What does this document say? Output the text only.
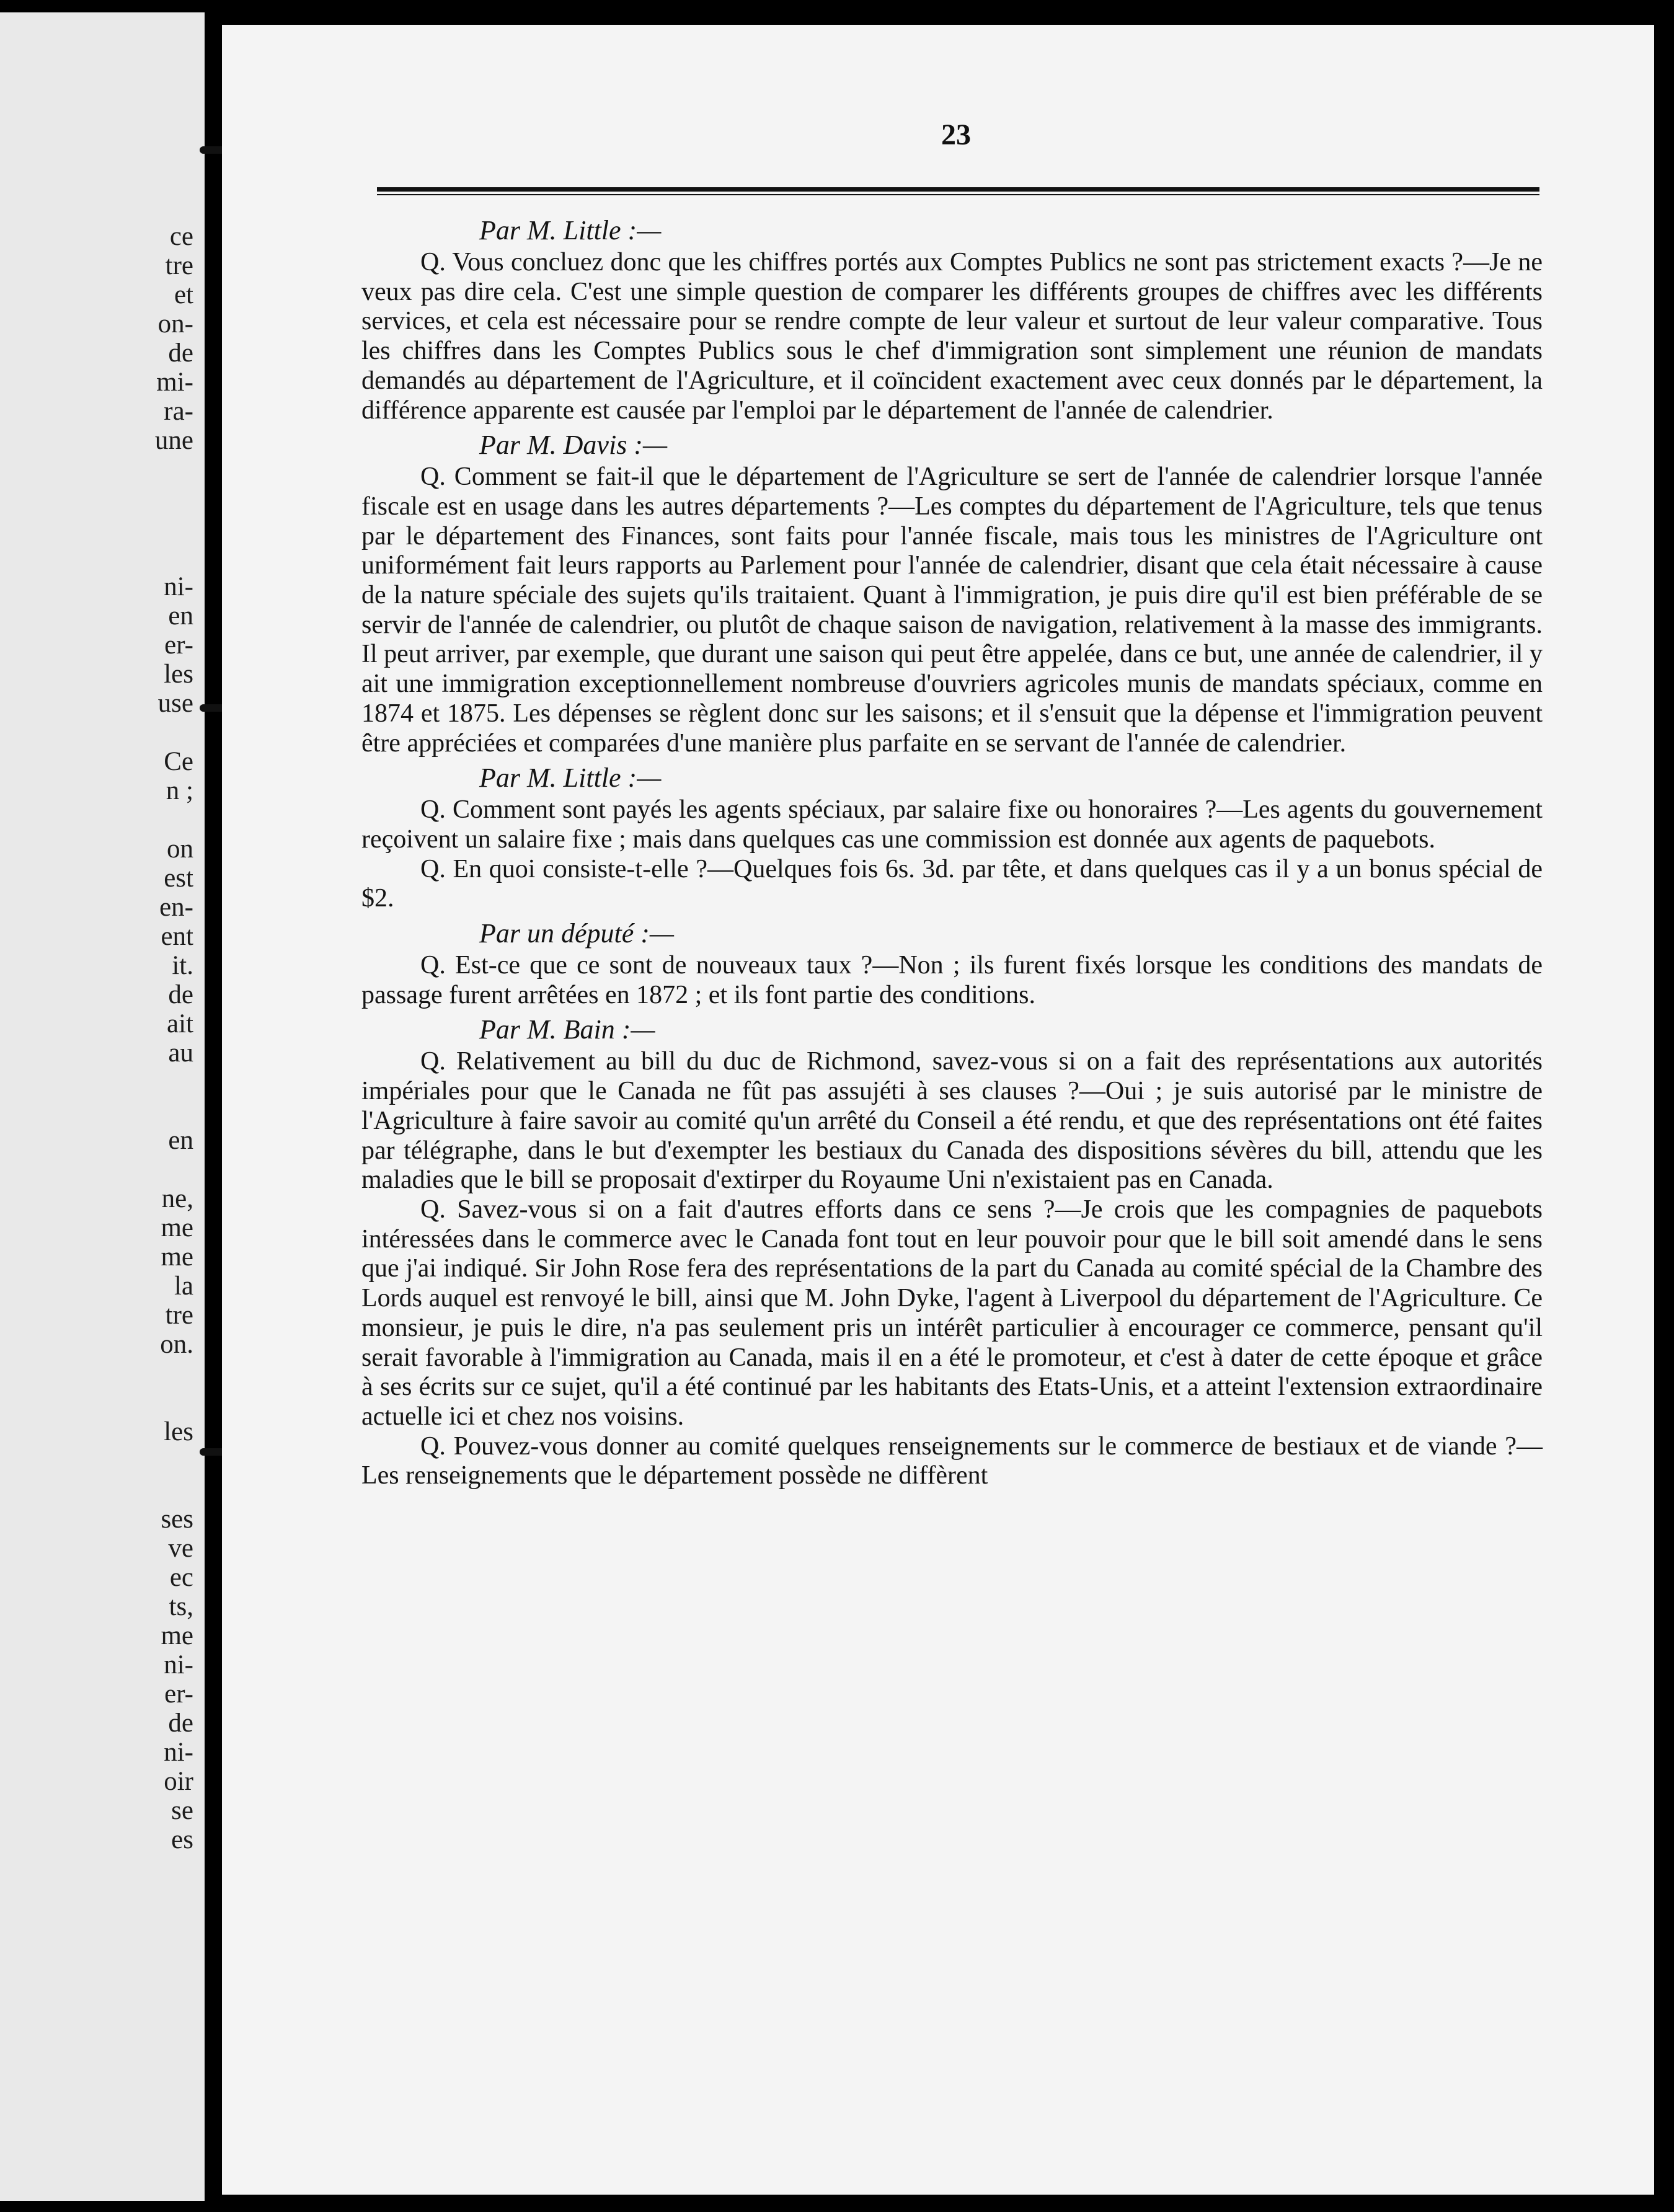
ce
tre
et
on-
de
mi-
ra-
une
ni-
en
er-
les
use
Ce
n ;
on
est
en-
ent
it.
de
ait
au
en
ne,
me
me
la
tre
on.
les
ses
ve
ec
ts,
me
ni-
er-
de
ni-
oir
se
es
23
Par M. Little :—

Q. Vous concluez donc que les chiffres portés aux Comptes Publics ne sont pas strictement exacts ?—Je ne veux pas dire cela. C'est une simple question de comparer les différents groupes de chiffres avec les différents services, et cela est nécessaire pour se rendre compte de leur valeur et surtout de leur valeur comparative. Tous les chiffres dans les Comptes Publics sous le chef d'immigration sont simplement une réunion de mandats demandés au département de l'Agriculture, et il coïncident exactement avec ceux donnés par le département, la différence apparente est causée par l'emploi par le département de l'année de calendrier.

Par M. Davis :—

Q. Comment se fait-il que le département de l'Agriculture se sert de l'année de calendrier lorsque l'année fiscale est en usage dans les autres départements ?—Les comptes du département de l'Agriculture, tels que tenus par le département des Finances, sont faits pour l'année fiscale, mais tous les ministres de l'Agriculture ont uniformément fait leurs rapports au Parlement pour l'année de calendrier, disant que cela était nécessaire à cause de la nature spéciale des sujets qu'ils traitaient. Quant à l'immigration, je puis dire qu'il est bien préférable de se servir de l'année de calendrier, ou plutôt de chaque saison de navigation, relativement à la masse des immigrants. Il peut arriver, par exemple, que durant une saison qui peut être appelée, dans ce but, une année de calendrier, il y ait une immigration exceptionnellement nombreuse d'ouvriers agricoles munis de mandats spéciaux, comme en 1874 et 1875. Les dépenses se règlent donc sur les saisons; et il s'ensuit que la dépense et l'immigration peuvent être appréciées et comparées d'une manière plus parfaite en se servant de l'année de calendrier.

Par M. Little :—

Q. Comment sont payés les agents spéciaux, par salaire fixe ou honoraires ?—Les agents du gouvernement reçoivent un salaire fixe ; mais dans quelques cas une commission est donnée aux agents de paquebots.

Q. En quoi consiste-t-elle ?—Quelques fois 6s. 3d. par tête, et dans quelques cas il y a un bonus spécial de $2.

Par un député :—

Q. Est-ce que ce sont de nouveaux taux ?—Non ; ils furent fixés lorsque les conditions des mandats de passage furent arrêtées en 1872 ; et ils font partie des conditions.

Par M. Bain :—

Q. Relativement au bill du duc de Richmond, savez-vous si on a fait des représentations aux autorités impériales pour que le Canada ne fût pas assujéti à ses clauses ?—Oui ; je suis autorisé par le ministre de l'Agriculture à faire savoir au comité qu'un arrêté du Conseil a été rendu, et que des représentations ont été faites par télégraphe, dans le but d'exempter les bestiaux du Canada des dispositions sévères du bill, attendu que les maladies que le bill se proposait d'extirper du Royaume Uni n'existaient pas en Canada.

Q. Savez-vous si on a fait d'autres efforts dans ce sens ?—Je crois que les compagnies de paquebots intéressées dans le commerce avec le Canada font tout en leur pouvoir pour que le bill soit amendé dans le sens que j'ai indiqué. Sir John Rose fera des représentations de la part du Canada au comité spécial de la Chambre des Lords auquel est renvoyé le bill, ainsi que M. John Dyke, l'agent à Liverpool du département de l'Agriculture. Ce monsieur, je puis le dire, n'a pas seulement pris un intérêt particulier à encourager ce commerce, pensant qu'il serait favorable à l'immigration au Canada, mais il en a été le promoteur, et c'est à dater de cette époque et grâce à ses écrits sur ce sujet, qu'il a été continué par les habitants des Etats-Unis, et a atteint l'extension extraordinaire actuelle ici et chez nos voisins.

Q. Pouvez-vous donner au comité quelques renseignements sur le commerce de bestiaux et de viande ?—Les renseignements que le département possède ne diffèrent
